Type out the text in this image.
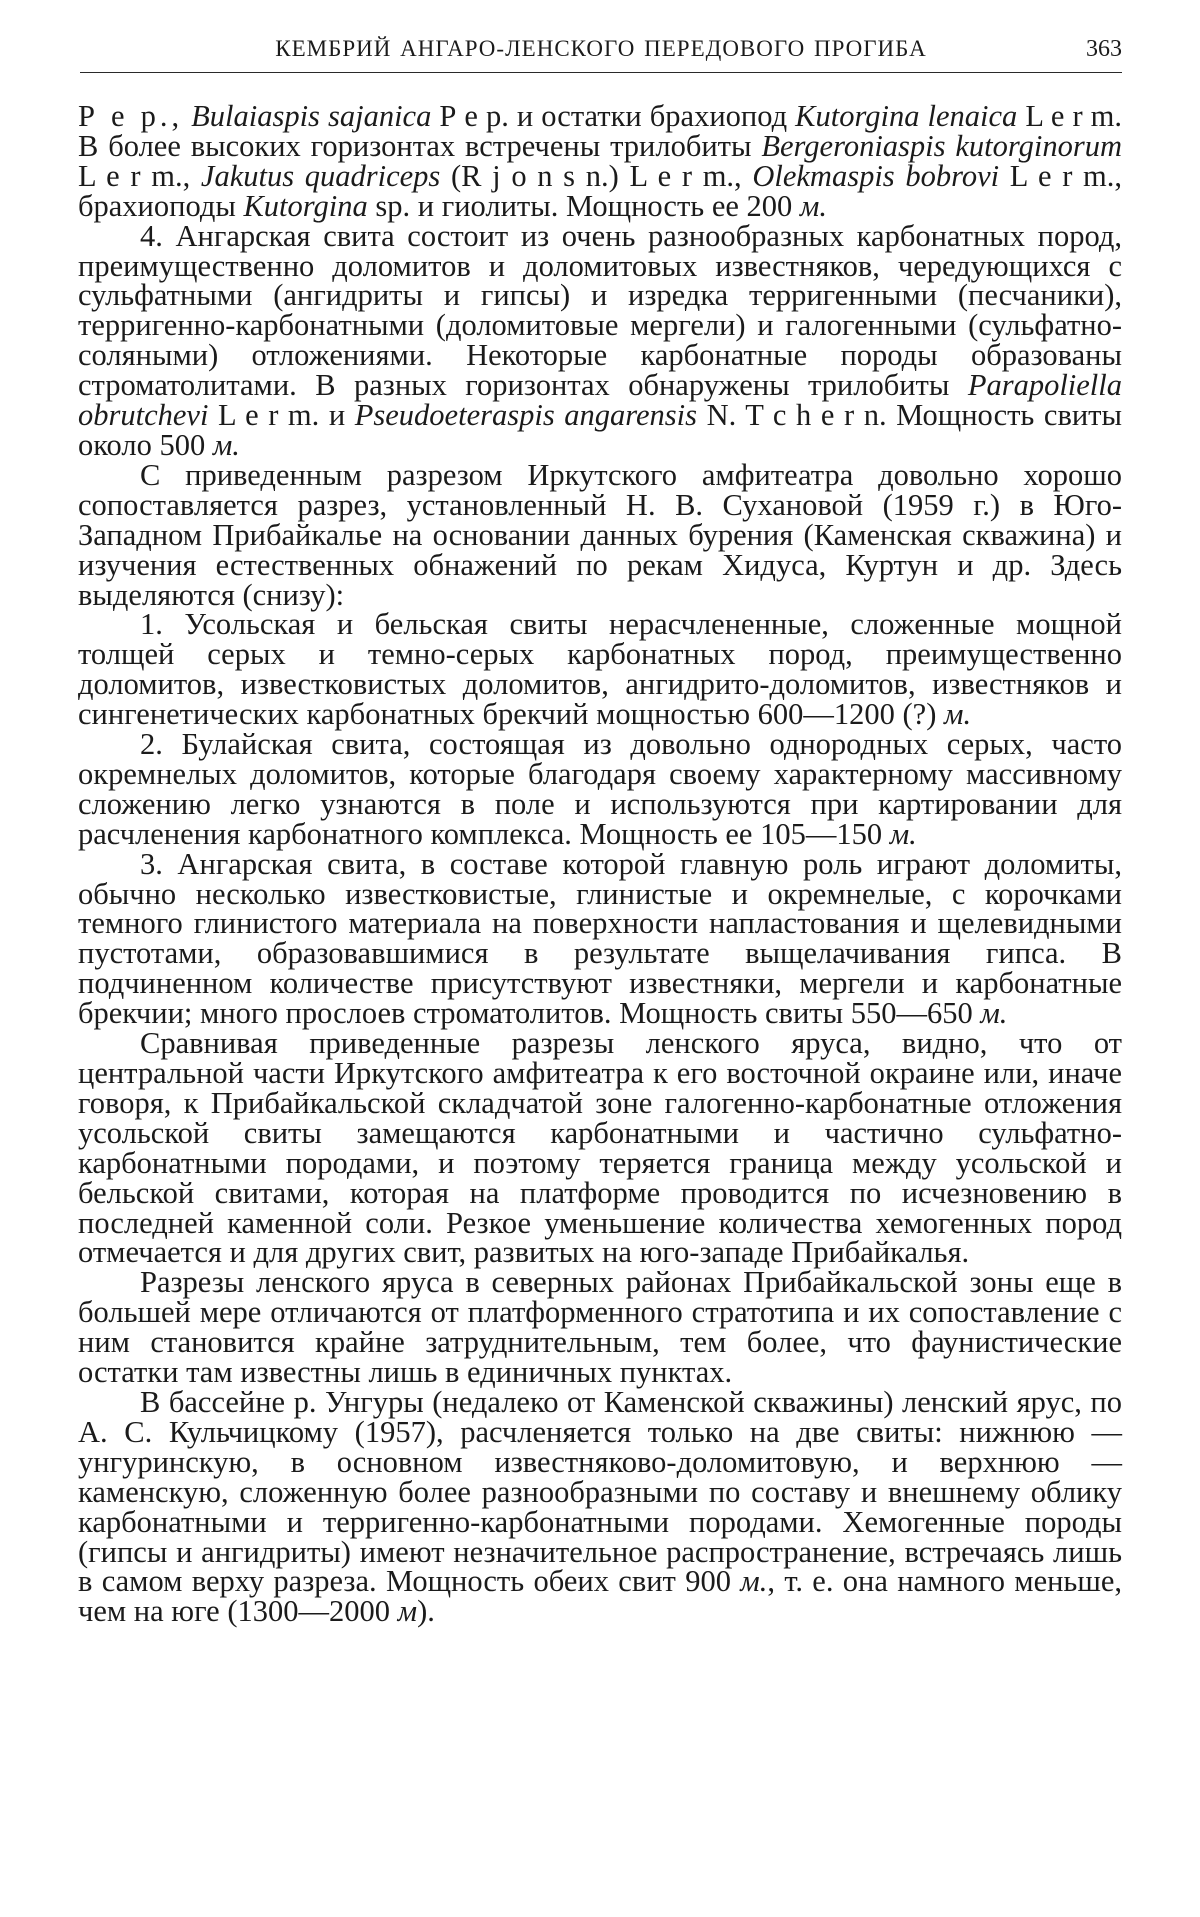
КЕМБРИЙ АНГАРО-ЛЕНСКОГО ПЕРЕДОВОГО ПРОГИБА	363

Р е р., Bulaiaspis sajanica Р е р. и остатки брахиопод Kutorgina lenaica L e r m. В более высоких горизонтах встречены трилобиты Bergeroniaspis kutorginorum L e r m., Jakutus quadriceps (R j o n s n.) L e r m., Olekmaspis bobrovi L e r m., брахиоподы Kutorgina sp. и гиолиты. Мощность ее 200 м.

4. Ангарская свита состоит из очень разнообразных карбонатных пород, преимущественно доломитов и доломитовых известняков, чередующихся с сульфатными (ангидриты и гипсы) и изредка терригенными (песчаники), терригенно-карбонатными (доломитовые мергели) и галогенными (сульфатно-соляными) отложениями. Некоторые карбонатные породы образованы строматолитами. В разных горизонтах обнаружены трилобиты Parapoliella obrutchevi L e r m. и Pseudoeteraspis angarensis N. T c h e r n. Мощность свиты около 500 м.

С приведенным разрезом Иркутского амфитеатра довольно хорошо сопоставляется разрез, установленный Н. В. Сухановой (1959 г.) в Юго-Западном Прибайкалье на основании данных бурения (Каменская скважина) и изучения естественных обнажений по рекам Хидуса, Куртун и др. Здесь выделяются (снизу):

1. Усольская и бельская свиты нерасчлененные, сложенные мощной толщей серых и темно-серых карбонатных пород, преимущественно доломитов, известковистых доломитов, ангидрито-доломитов, известняков и сингенетических карбонатных брекчий мощностью 600—1200 (?) м.

2. Булайская свита, состоящая из довольно однородных серых, часто окремнелых доломитов, которые благодаря своему характерному массивному сложению легко узнаются в поле и используются при картировании для расчленения карбонатного комплекса. Мощность ее 105—150 м.

3. Ангарская свита, в составе которой главную роль играют доломиты, обычно несколько известковистые, глинистые и окремнелые, с корочками темного глинистого материала на поверхности напластования и щелевидными пустотами, образовавшимися в результате выщелачивания гипса. В подчиненном количестве присутствуют известняки, мергели и карбонатные брекчии; много прослоев строматолитов. Мощность свиты 550—650 м.

Сравнивая приведенные разрезы ленского яруса, видно, что от центральной части Иркутского амфитеатра к его восточной окраине или, иначе говоря, к Прибайкальской складчатой зоне галогенно-карбонатные отложения усольской свиты замещаются карбонатными и частично сульфатно-карбонатными породами, и поэтому теряется граница между усольской и бельской свитами, которая на платформе проводится по исчезновению в последней каменной соли. Резкое уменьшение количества хемогенных пород отмечается и для других свит, развитых на юго-западе Прибайкалья.

Разрезы ленского яруса в северных районах Прибайкальской зоны еще в большей мере отличаются от платформенного стратотипа и их сопоставление с ним становится крайне затруднительным, тем более, что фаунистические остатки там известны лишь в единичных пунктах.

В бассейне р. Унгуры (недалеко от Каменской скважины) ленский ярус, по А. С. Кульчицкому (1957), расчленяется только на две свиты: нижнюю — унгуринскую, в основном известняково-доломитовую, и верхнюю — каменскую, сложенную более разнообразными по составу и внешнему облику карбонатными и терригенно-карбонатными породами. Хемогенные породы (гипсы и ангидриты) имеют незначительное распространение, встречаясь лишь в самом верху разреза. Мощность обеих свит 900 м., т. е. она намного меньше, чем на юге (1300—2000 м).
